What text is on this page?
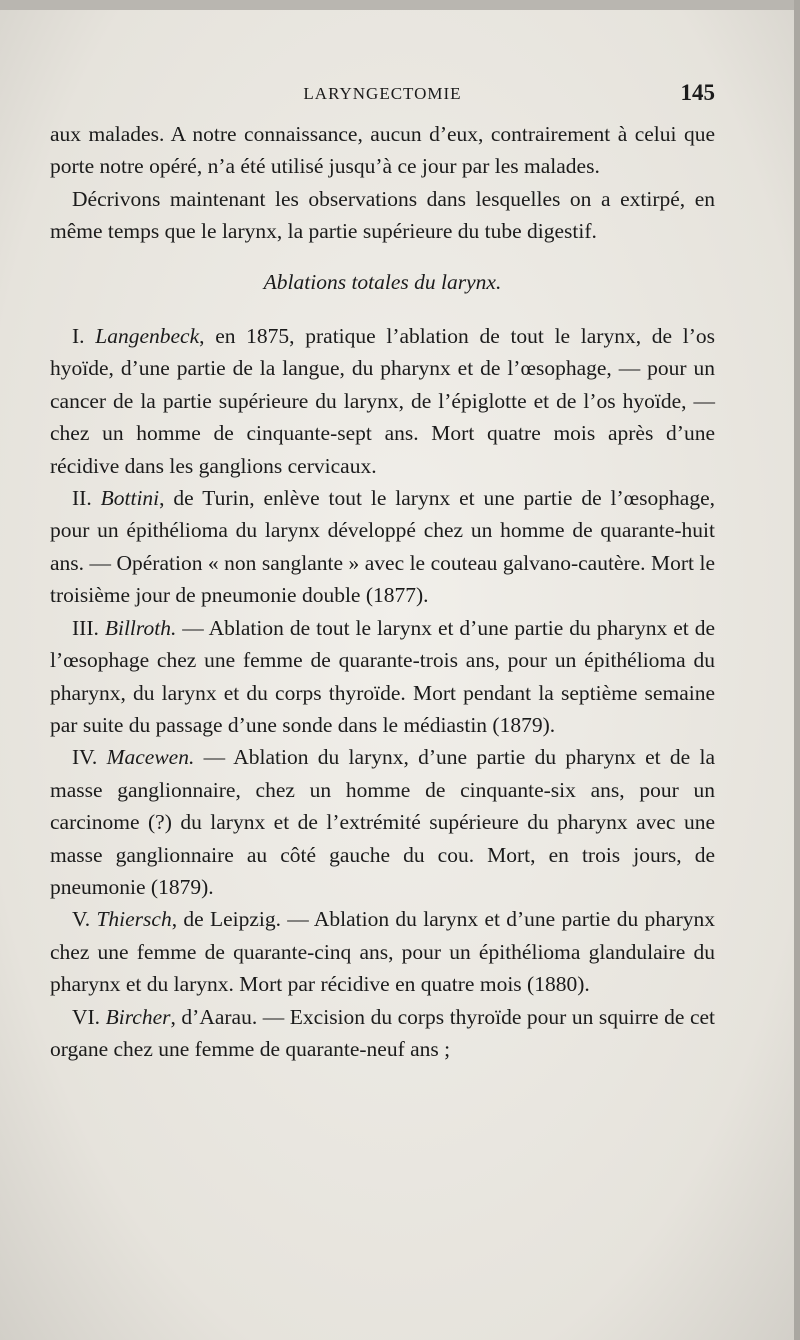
LARYNGECTOMIE	145

aux malades. A notre connaissance, aucun d’eux, contrairement à celui que porte notre opéré, n’a été utilisé jusqu’à ce jour par les malades.

Décrivons maintenant les observations dans lesquelles on a extirpé, en même temps que le larynx, la partie supérieure du tube digestif.

Ablations totales du larynx.

I. Langenbeck, en 1875, pratique l’ablation de tout le larynx, de l’os hyoïde, d’une partie de la langue, du pharynx et de l’œsophage, — pour un cancer de la partie supérieure du larynx, de l’épiglotte et de l’os hyoïde, — chez un homme de cinquante-sept ans. Mort quatre mois après d’une récidive dans les ganglions cervicaux.

II. Bottini, de Turin, enlève tout le larynx et une partie de l’œsophage, pour un épithélioma du larynx développé chez un homme de quarante-huit ans. — Opération « non sanglante » avec le couteau galvano-cautère. Mort le troisième jour de pneumonie double (1877).

III. Billroth. — Ablation de tout le larynx et d’une partie du pharynx et de l’œsophage chez une femme de quarante-trois ans, pour un épithélioma du pharynx, du larynx et du corps thyroïde. Mort pendant la septième semaine par suite du passage d’une sonde dans le médiastin (1879).

IV. Macewen. — Ablation du larynx, d’une partie du pharynx et de la masse ganglionnaire, chez un homme de cinquante-six ans, pour un carcinome (?) du larynx et de l’extrémité supérieure du pharynx avec une masse ganglionnaire au côté gauche du cou. Mort, en trois jours, de pneumonie (1879).

V. Thiersch, de Leipzig. — Ablation du larynx et d’une partie du pharynx chez une femme de quarante-cinq ans, pour un épithélioma glandulaire du pharynx et du larynx. Mort par récidive en quatre mois (1880).

VI. Bircher, d’Aarau. — Excision du corps thyroïde pour un squirre de cet organe chez une femme de quarante-neuf ans ;
